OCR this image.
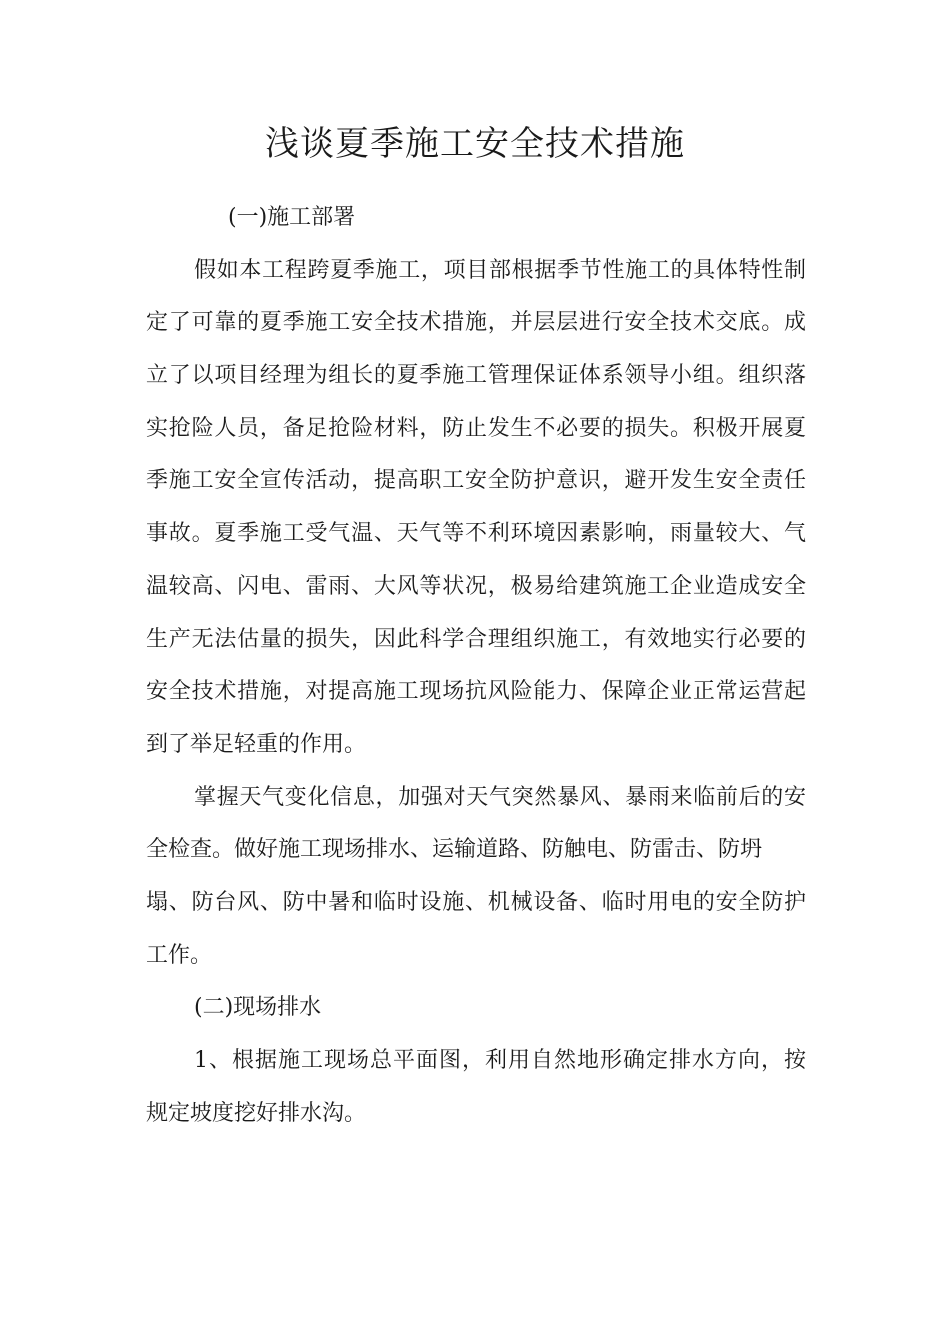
浅谈夏季施工安全技术措施
(一)施工部署
假如本工程跨夏季施工，项目部根据季节性施工的具体特性制
定了可靠的夏季施工安全技术措施，并层层进行安全技术交底。成
立了以项目经理为组长的夏季施工管理保证体系领导小组。组织落
实抢险人员，备足抢险材料，防止发生不必要的损失。积极开展夏
季施工安全宣传活动，提高职工安全防护意识，避开发生安全责任
事故。夏季施工受气温、天气等不利环境因素影响，雨量较大、气
温较高、闪电、雷雨、大风等状况，极易给建筑施工企业造成安全
生产无法估量的损失，因此科学合理组织施工，有效地实行必要的
安全技术措施，对提高施工现场抗风险能力、保障企业正常运营起
到了举足轻重的作用。
掌握天气变化信息，加强对天气突然暴风、暴雨来临前后的安
全检查。做好施工现场排水、运输道路、防触电、防雷击、防坍
塌、防台风、防中暑和临时设施、机械设备、临时用电的安全防护
工作。
(二)现场排水
1、根据施工现场总平面图，利用自然地形确定排水方向，按
规定坡度挖好排水沟。
